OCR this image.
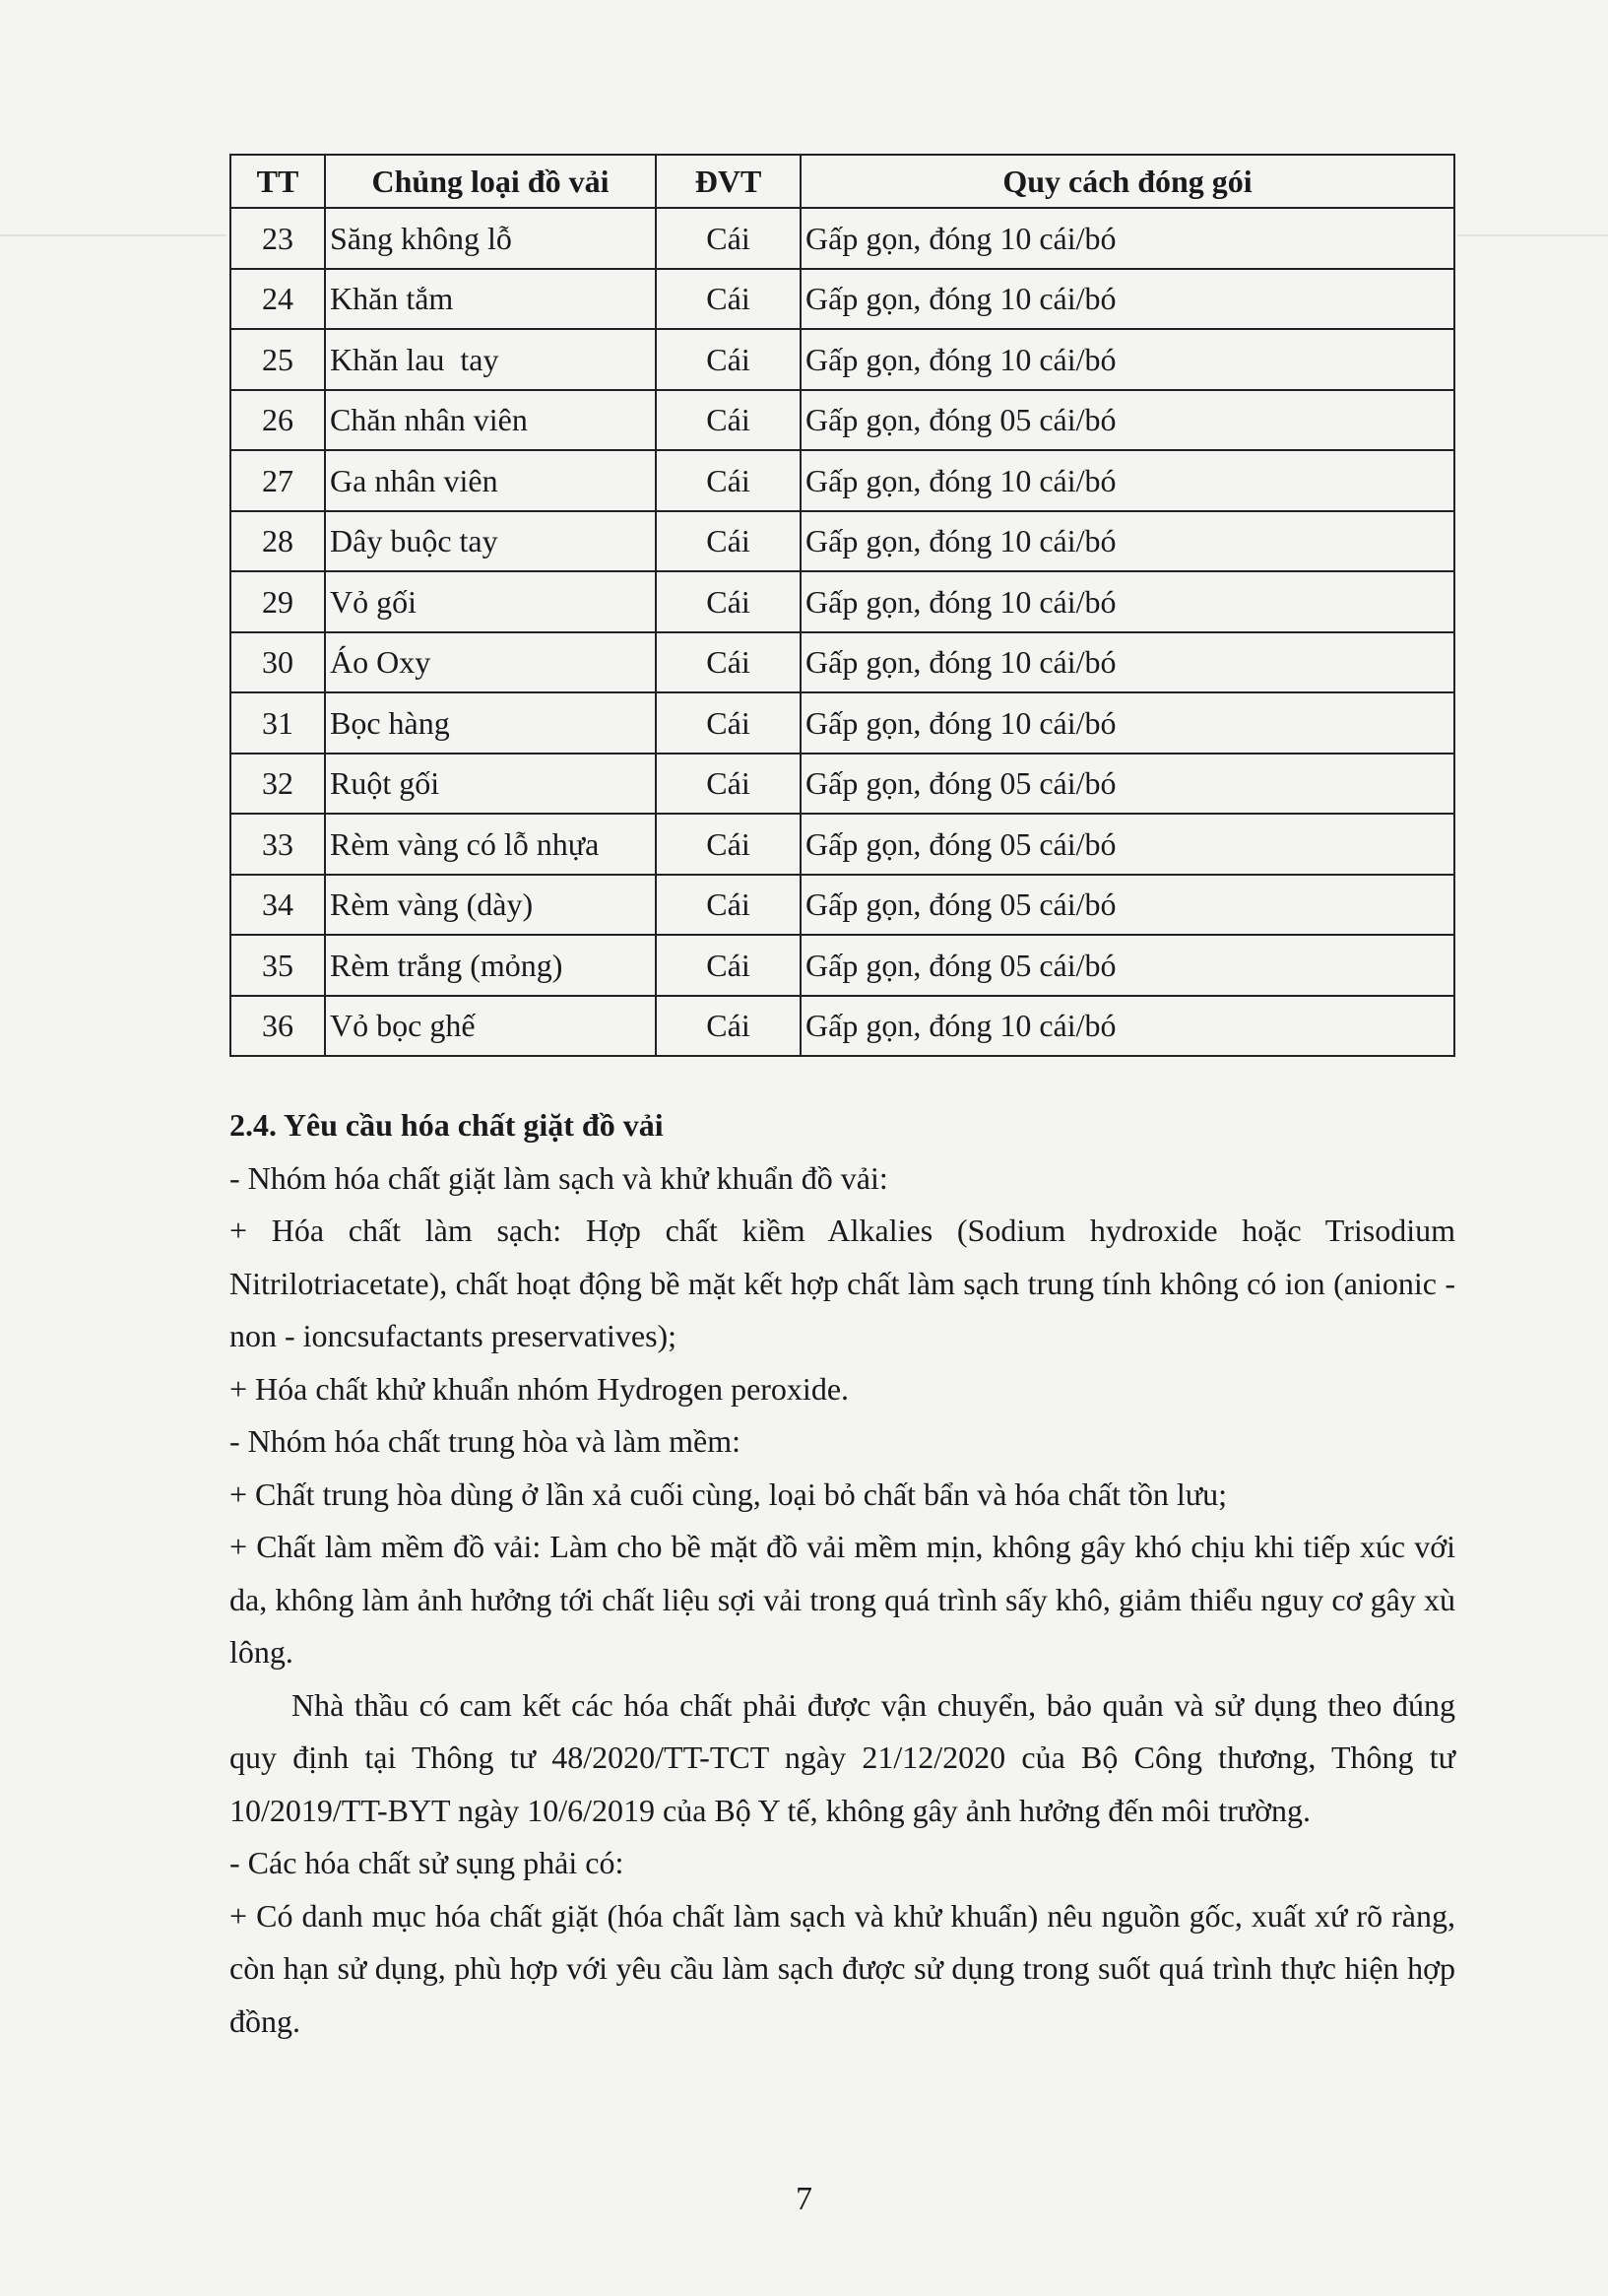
TT	Chủng loại đồ vải	ĐVT	Quy cách đóng gói
23	Săng không lỗ	Cái	Gấp gọn, đóng 10 cái/bó
24	Khăn tắm	Cái	Gấp gọn, đóng 10 cái/bó
25	Khăn lau  tay	Cái	Gấp gọn, đóng 10 cái/bó
26	Chăn nhân viên	Cái	Gấp gọn, đóng 05 cái/bó
27	Ga nhân viên	Cái	Gấp gọn, đóng 10 cái/bó
28	Dây buộc tay	Cái	Gấp gọn, đóng 10 cái/bó
29	Vỏ gối	Cái	Gấp gọn, đóng 10 cái/bó
30	Áo Oxy	Cái	Gấp gọn, đóng 10 cái/bó
31	Bọc hàng	Cái	Gấp gọn, đóng 10 cái/bó
32	Ruột gối	Cái	Gấp gọn, đóng 05 cái/bó
33	Rèm vàng có lỗ nhựa	Cái	Gấp gọn, đóng 05 cái/bó
34	Rèm vàng (dày)	Cái	Gấp gọn, đóng 05 cái/bó
35	Rèm trắng (mỏng)	Cái	Gấp gọn, đóng 05 cái/bó
36	Vỏ bọc ghế	Cái	Gấp gọn, đóng 10 cái/bó

2.4. Yêu cầu hóa chất giặt đồ vải

- Nhóm hóa chất giặt làm sạch và khử khuẩn đồ vải:

+ Hóa chất làm sạch: Hợp chất kiềm Alkalies (Sodium hydroxide hoặc Trisodium Nitrilotriacetate), chất hoạt động bề mặt kết hợp chất làm sạch trung tính không có ion (anionic - non - ioncsufactants preservatives);

+ Hóa chất khử khuẩn nhóm Hydrogen peroxide.

- Nhóm hóa chất trung hòa và làm mềm:

+ Chất trung hòa dùng ở lần xả cuối cùng, loại bỏ chất bẩn và hóa chất tồn lưu;

+ Chất làm mềm đồ vải: Làm cho bề mặt đồ vải mềm mịn, không gây khó chịu khi tiếp xúc với da, không làm ảnh hưởng tới chất liệu sợi vải trong quá trình sấy khô, giảm thiểu nguy cơ gây xù lông.

Nhà thầu có cam kết các hóa chất phải được vận chuyển, bảo quản và sử dụng theo đúng quy định tại Thông tư 48/2020/TT-TCT ngày 21/12/2020 của Bộ Công thương, Thông tư 10/2019/TT-BYT ngày 10/6/2019 của Bộ Y tế, không gây ảnh hưởng đến môi trường.

- Các hóa chất sử sụng phải có:

+ Có danh mục hóa chất giặt (hóa chất làm sạch và khử khuẩn) nêu nguồn gốc, xuất xứ rõ ràng, còn hạn sử dụng, phù hợp với yêu cầu làm sạch được sử dụng trong suốt quá trình thực hiện hợp đồng.

7
